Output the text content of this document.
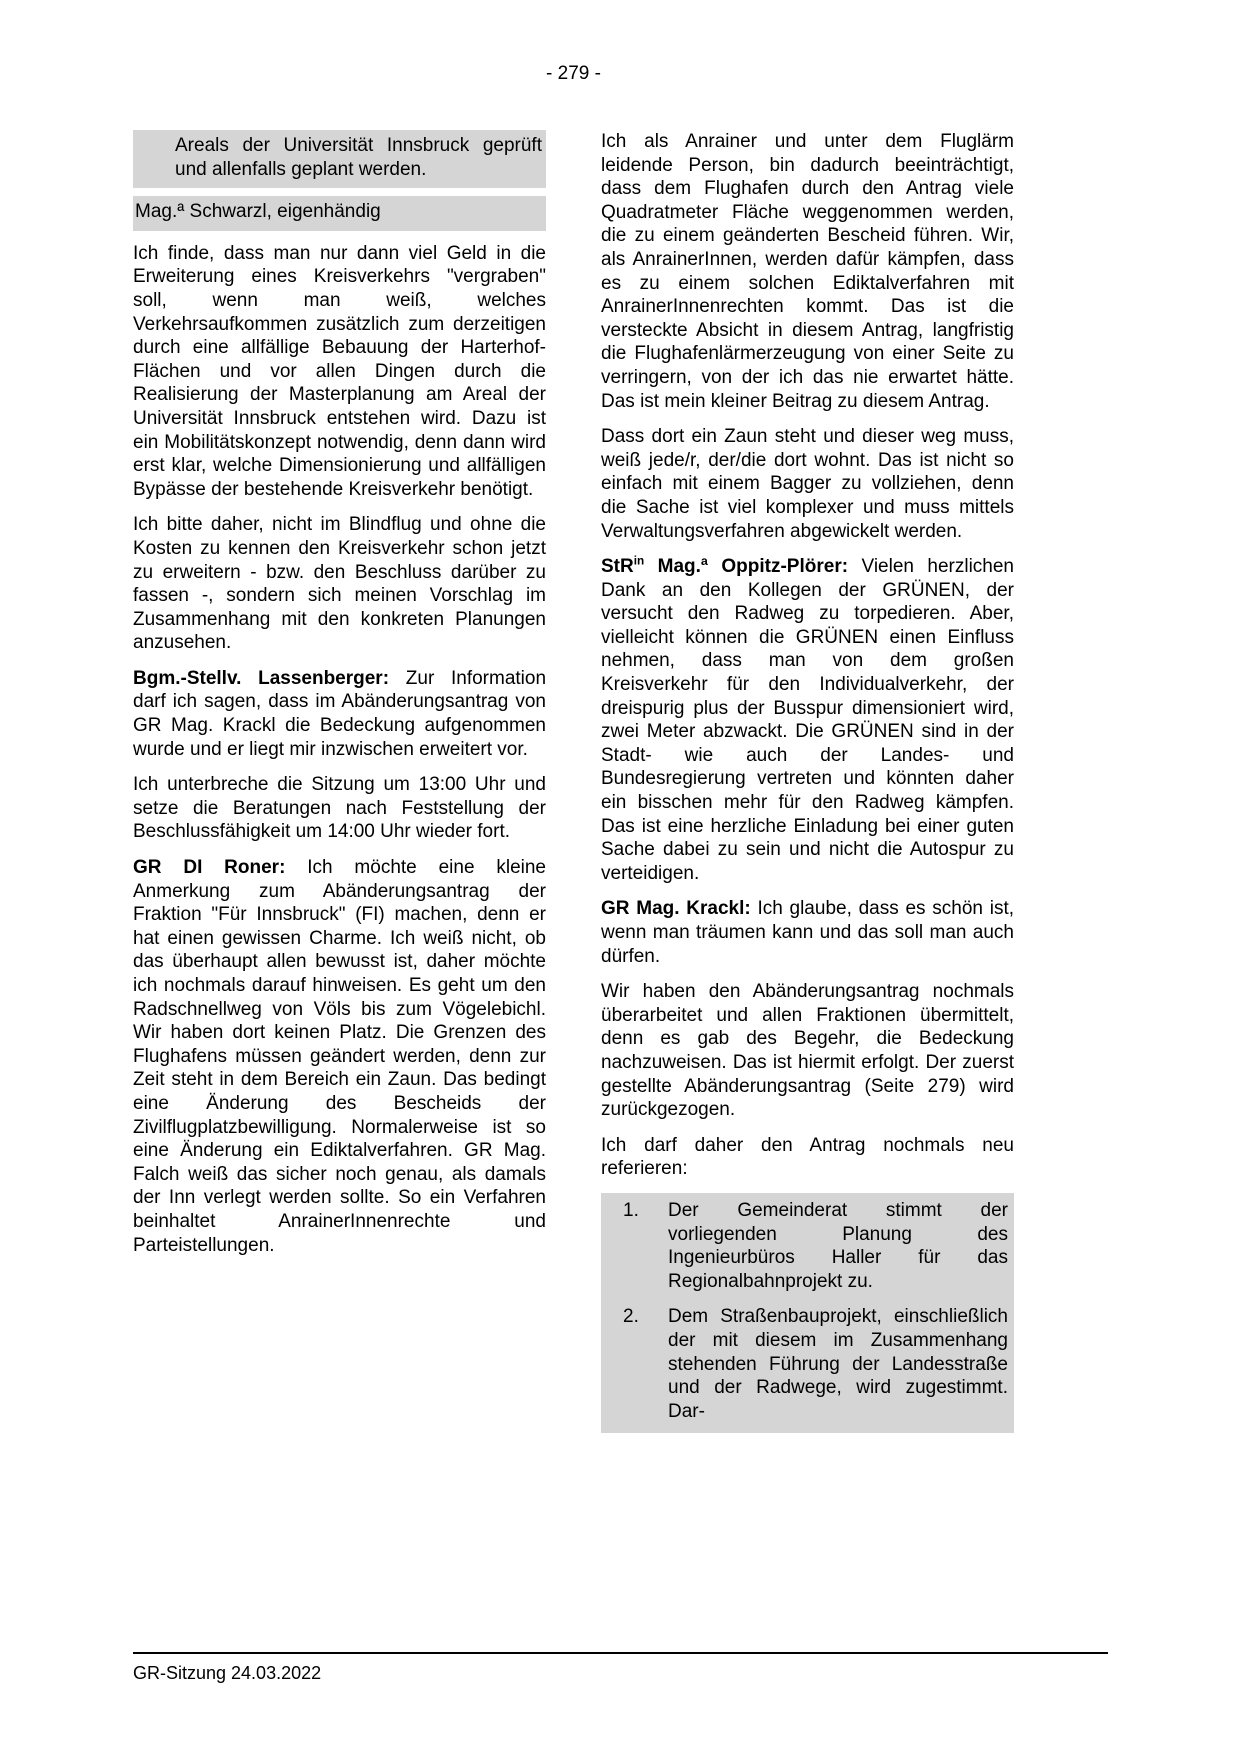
- 279 -

Areals der Universität Innsbruck geprüft und allenfalls geplant werden.

Mag.ª Schwarzl, eigenhändig

Ich finde, dass man nur dann viel Geld in die Erweiterung eines Kreisverkehrs "vergraben" soll, wenn man weiß, welches Verkehrsaufkommen zusätzlich zum derzeitigen durch eine allfällige Bebauung der Harterhof-Flächen und vor allen Dingen durch die Realisierung der Masterplanung am Areal der Universität Innsbruck entstehen wird. Dazu ist ein Mobilitätskonzept notwendig, denn dann wird erst klar, welche Dimensionierung und allfälligen Bypässe der bestehende Kreisverkehr benötigt.

Ich bitte daher, nicht im Blindflug und ohne die Kosten zu kennen den Kreisverkehr schon jetzt zu erweitern - bzw. den Beschluss darüber zu fassen -, sondern sich meinen Vorschlag im Zusammenhang mit den konkreten Planungen anzusehen.

Bgm.-Stellv. Lassenberger: Zur Information darf ich sagen, dass im Abänderungsantrag von GR Mag. Krackl die Bedeckung aufgenommen wurde und er liegt mir inzwischen erweitert vor.

Ich unterbreche die Sitzung um 13:00 Uhr und setze die Beratungen nach Feststellung der Beschlussfähigkeit um 14:00 Uhr wieder fort.

GR DI Roner: Ich möchte eine kleine Anmerkung zum Abänderungsantrag der Fraktion "Für Innsbruck" (FI) machen, denn er hat einen gewissen Charme. Ich weiß nicht, ob das überhaupt allen bewusst ist, daher möchte ich nochmals darauf hinweisen. Es geht um den Radschnellweg von Völs bis zum Vögelebichl. Wir haben dort keinen Platz. Die Grenzen des Flughafens müssen geändert werden, denn zur Zeit steht in dem Bereich ein Zaun. Das bedingt eine Änderung des Bescheids der Zivilflugplatzbewilligung. Normalerweise ist so eine Änderung ein Ediktalverfahren. GR Mag. Falch weiß das sicher noch genau, als damals der Inn verlegt werden sollte. So ein Verfahren beinhaltet AnrainerInnenrechte und Parteistellungen.

Ich als Anrainer und unter dem Fluglärm leidende Person, bin dadurch beeinträchtigt, dass dem Flughafen durch den Antrag viele Quadratmeter Fläche weggenommen werden, die zu einem geänderten Bescheid führen. Wir, als AnrainerInnen, werden dafür kämpfen, dass es zu einem solchen Ediktalverfahren mit AnrainerInnenrechten kommt. Das ist die versteckte Absicht in diesem Antrag, langfristig die Flughafenlärmerzeugung von einer Seite zu verringern, von der ich das nie erwartet hätte. Das ist mein kleiner Beitrag zu diesem Antrag.

Dass dort ein Zaun steht und dieser weg muss, weiß jede/r, der/die dort wohnt. Das ist nicht so einfach mit einem Bagger zu vollziehen, denn die Sache ist viel komplexer und muss mittels Verwaltungsverfahren abgewickelt werden.

StR$^{in}$ Mag.ª Oppitz-Plörer: Vielen herzlichen Dank an den Kollegen der GRÜNEN, der versucht den Radweg zu torpedieren. Aber, vielleicht können die GRÜNEN einen Einfluss nehmen, dass man von dem großen Kreisverkehr für den Individualverkehr, der dreispurig plus der Busspur dimensioniert wird, zwei Meter abzwackt. Die GRÜNEN sind in der Stadt- wie auch der Landes- und Bundesregierung vertreten und könnten daher ein bisschen mehr für den Radweg kämpfen. Das ist eine herzliche Einladung bei einer guten Sache dabei zu sein und nicht die Autospur zu verteidigen.

GR Mag. Krackl: Ich glaube, dass es schön ist, wenn man träumen kann und das soll man auch dürfen.

Wir haben den Abänderungsantrag nochmals überarbeitet und allen Fraktionen übermittelt, denn es gab des Begehr, die Bedeckung nachzuweisen. Das ist hiermit erfolgt. Der zuerst gestellte Abänderungsantrag (Seite 279) wird zurückgezogen.

Ich darf daher den Antrag nochmals neu referieren:

1.	Der Gemeinderat stimmt der vorliegenden Planung des Ingenieurbüros Haller für das Regionalbahnprojekt zu.
2.	Dem Straßenbauprojekt, einschließlich der mit diesem im Zusammenhang stehenden Führung der Landesstraße und der Radwege, wird zugestimmt. Dar-
GR-Sitzung 24.03.2022
